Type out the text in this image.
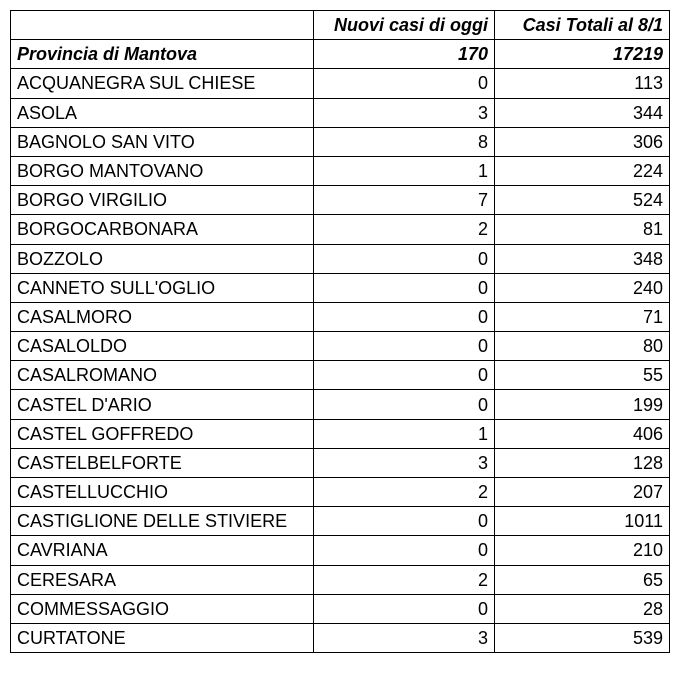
	Nuovi casi di oggi	Casi Totali al 8/1
Provincia di Mantova	170	17219
ACQUANEGRA SUL CHIESE	0	113
ASOLA	3	344
BAGNOLO SAN VITO	8	306
BORGO MANTOVANO	1	224
BORGO VIRGILIO	7	524
BORGOCARBONARA	2	81
BOZZOLO	0	348
CANNETO SULL'OGLIO	0	240
CASALMORO	0	71
CASALOLDO	0	80
CASALROMANO	0	55
CASTEL D'ARIO	0	199
CASTEL GOFFREDO	1	406
CASTELBELFORTE	3	128
CASTELLUCCHIO	2	207
CASTIGLIONE DELLE STIVIERE	0	1011
CAVRIANA	0	210
CERESARA	2	65
COMMESSAGGIO	0	28
CURTATONE	3	539
